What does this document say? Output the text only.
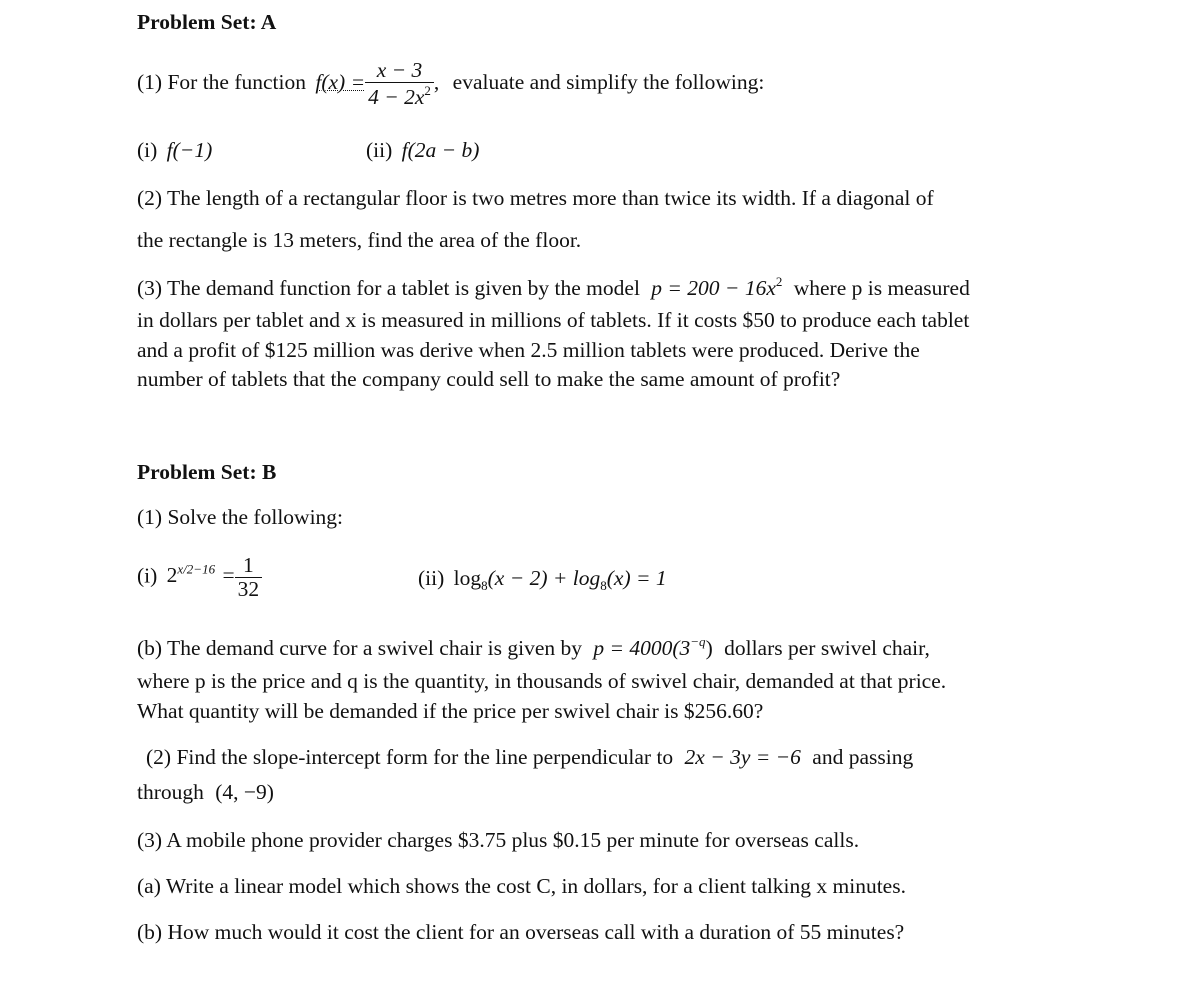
Problem Set: A
(1) For the function $f(x) = \frac{x - 3}{4 - 2x^2}$ , evaluate and simplify the following:
(i) f(−1)	(ii) f(2a − b)
(2) The length of a rectangular floor is two metres more than twice its width. If a diagonal of
the rectangle is 13 meters, find the area of the floor.
(3) The demand function for a tablet is given by the model $p = 200 - 16x^2$ where p is measured
in dollars per tablet and x is measured in millions of tablets. If it costs $50 to produce each tablet
and a profit of $125 million was derive when 2.5 million tablets were produced. Derive the
number of tablets that the company could sell to make the same amount of profit?
Problem Set: B
(1) Solve the following:
(i) $2^{x/2-16} = \frac{1}{32}$	(ii) $\log_8(x - 2) + \log_8(x) = 1$
(b) The demand curve for a swivel chair is given by $p = 4000(3^{-q})$ dollars per swivel chair,
where p is the price and q is the quantity, in thousands of swivel chair, demanded at that price.
What quantity will be demanded if the price per swivel chair is $256.60?
(2) Find the slope-intercept form for the line perpendicular to 2x − 3y = −6 and passing
through (4, −9)
(3) A mobile phone provider charges $3.75 plus $0.15 per minute for overseas calls.
(a) Write a linear model which shows the cost C, in dollars, for a client talking x minutes.
(b) How much would it cost the client for an overseas call with a duration of 55 minutes?
